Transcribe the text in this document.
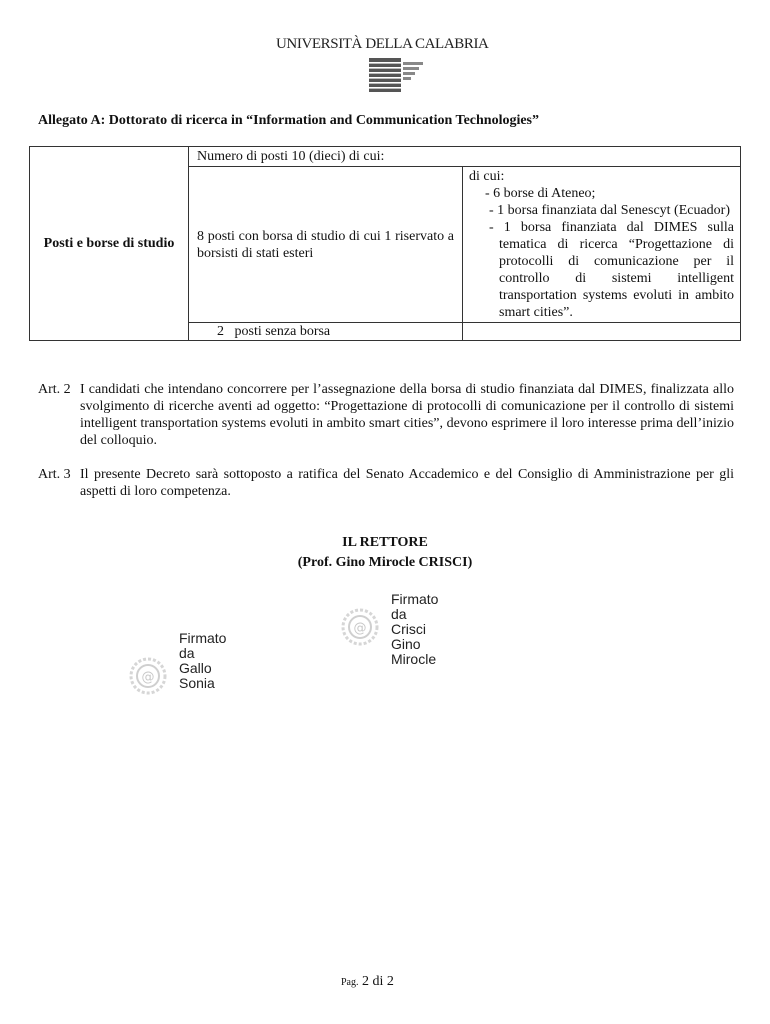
UNIVERSITÀ DELLA CALABRIA
Allegato A: Dottorato di ricerca in “Information and Communication Technologies”
Posti e borse di studio	Numero di posti 10 (dieci) di cui:	
	8 posti con borsa di studio di cui 1 riservato a borsisti di stati esteri	di cui:
- 6 borse di Ateneo;
- 1 borsa finanziata dal Senescyt (Ecuador)
- 1 borsa finanziata dal DIMES sulla tematica di ricerca “Progettazione di protocolli di comunicazione per il controllo di sistemi intelligent transportation systems evoluti in ambito smart cities”.

	2   posti senza borsa	
Art. 2 I candidati che intendano concorrere per l’assegnazione della borsa di studio finanziata dal DIMES, finalizzata allo svolgimento di ricerche aventi ad oggetto: “Progettazione di protocolli di comunicazione per il controllo di sistemi intelligent transportation systems evoluti in ambito smart cities”, devono esprimere il loro interesse prima dell’inizio del colloquio.
Art. 3 Il presente Decreto sarà sottoposto a ratifica del Senato Accademico e del Consiglio di Amministrazione per gli aspetti di loro competenza.
IL RETTORE
(Prof. Gino Mirocle CRISCI)
@
Firmato
da
Crisci
Gino
Mirocle
@
Firmato
da
Gallo
Sonia
Pag. 2 di 2
